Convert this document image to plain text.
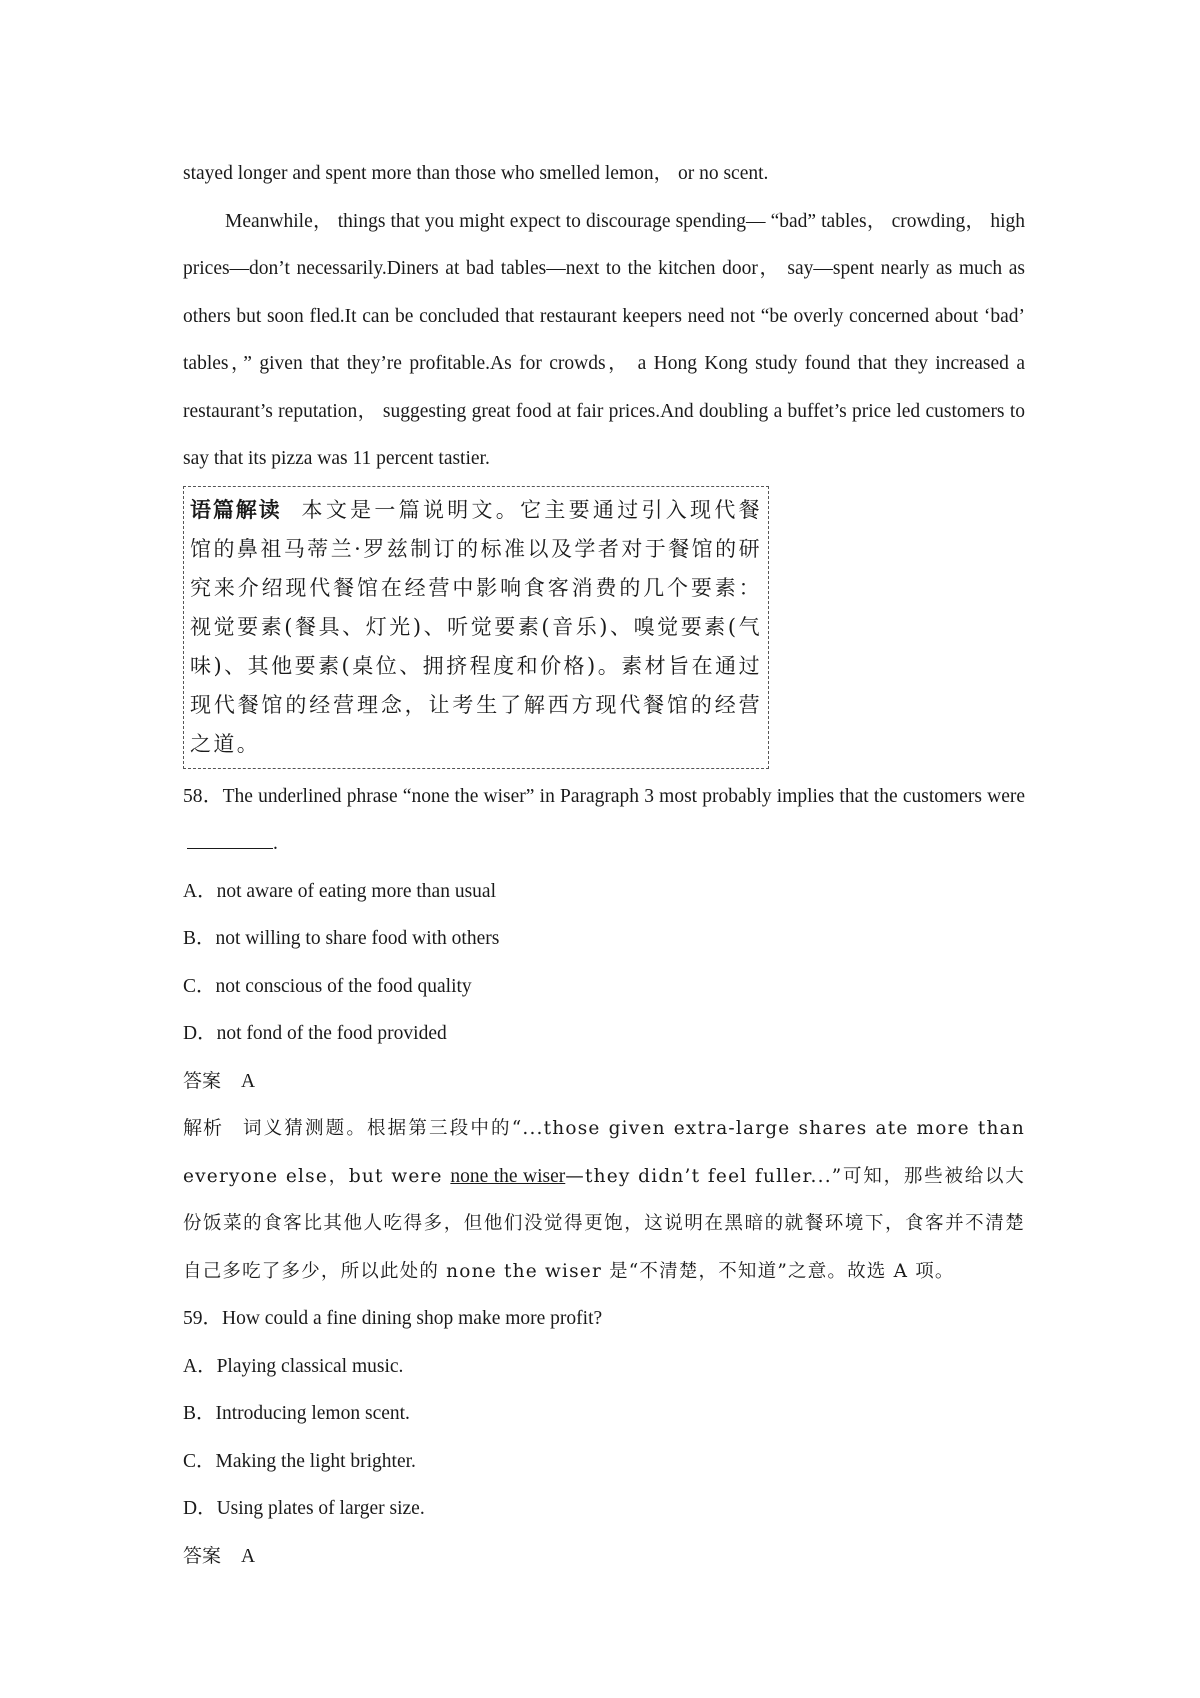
stayed longer and spent more than those who smelled lemon， or no scent.

Meanwhile， things that you might expect to discourage spending— “bad” tables， crowding， high prices—don’t necessarily.Diners at bad tables—next to the kitchen door， say—spent nearly as much as others but soon fled.It can be concluded that restaurant keepers need not “be overly concerned about ‘bad’ tables，” given that they’re profitable.As for crowds， a Hong Kong study found that they increased a restaurant’s reputation， suggesting great food at fair prices.And doubling a buffet’s price led customers to say that its pizza was 11 percent tastier.

语篇解读 本文是一篇说明文。它主要通过引入现代餐馆的鼻祖马蒂兰·罗兹制订的标准以及学者对于餐馆的研究来介绍现代餐馆在经营中影响食客消费的几个要素：视觉要素(餐具、灯光)、听觉要素(音乐)、嗅觉要素(气味)、其他要素(桌位、拥挤程度和价格)。素材旨在通过现代餐馆的经营理念，让考生了解西方现代餐馆的经营之道。

58．The underlined phrase “none the wiser” in Paragraph 3 most probably implies that the customers were .

A．not aware of eating more than usual

B．not willing to share food with others

C．not conscious of the food quality

D．not fond of the food provided

答案 A

解析 词义猜测题。根据第三段中的“...those given extra-large shares ate more than everyone else，but were none the wiser—they didn’t feel fuller...”可知，那些被给以大份饭菜的食客比其他人吃得多，但他们没觉得更饱，这说明在黑暗的就餐环境下，食客并不清楚自己多吃了多少，所以此处的 none the wiser 是“不清楚，不知道”之意。故选 A 项。

59．How could a fine dining shop make more profit?

A．Playing classical music.

B．Introducing lemon scent.

C．Making the light brighter.

D．Using plates of larger size.

答案 A
